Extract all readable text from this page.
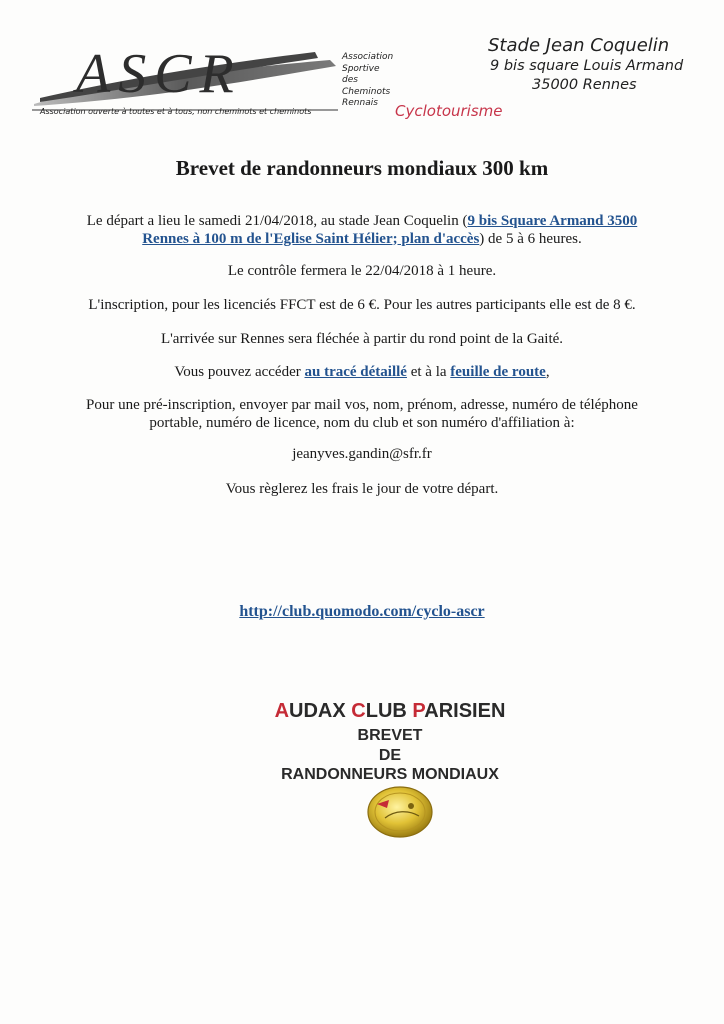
ASCR	Association
Sportive
des
Cheminots
Rennais
Association ouverte à toutes et à tous, non cheminots et cheminots	Cyclotourisme
Stade Jean Coquelin
9 bis square Louis Armand
35000 Rennes
Brevet de randonneurs mondiaux 300 km
Le départ a lieu le samedi 21/04/2018, au stade Jean Coquelin (9 bis Square Armand 3500 Rennes à 100 m de l'Eglise Saint Hélier; plan d'accès) de 5 à 6 heures.
Le contrôle fermera le 22/04/2018 à 1 heure.
L'inscription, pour les licenciés FFCT est de 6 €. Pour les autres participants elle est de 8 €.
L'arrivée sur Rennes sera fléchée à partir du rond point de la Gaité.
Vous pouvez accéder au tracé détaillé et à la feuille de route,
Pour une pré-inscription, envoyer par mail vos, nom, prénom, adresse, numéro de téléphone portable, numéro de licence, nom du club et son numéro d'affiliation à:
jeanyves.gandin@sfr.fr
Vous règlerez les frais le jour de votre départ.
http://club.quomodo.com/cyclo-ascr
AUDAX CLUB PARISIEN
BREVET
DE
RANDONNEURS MONDIAUX
